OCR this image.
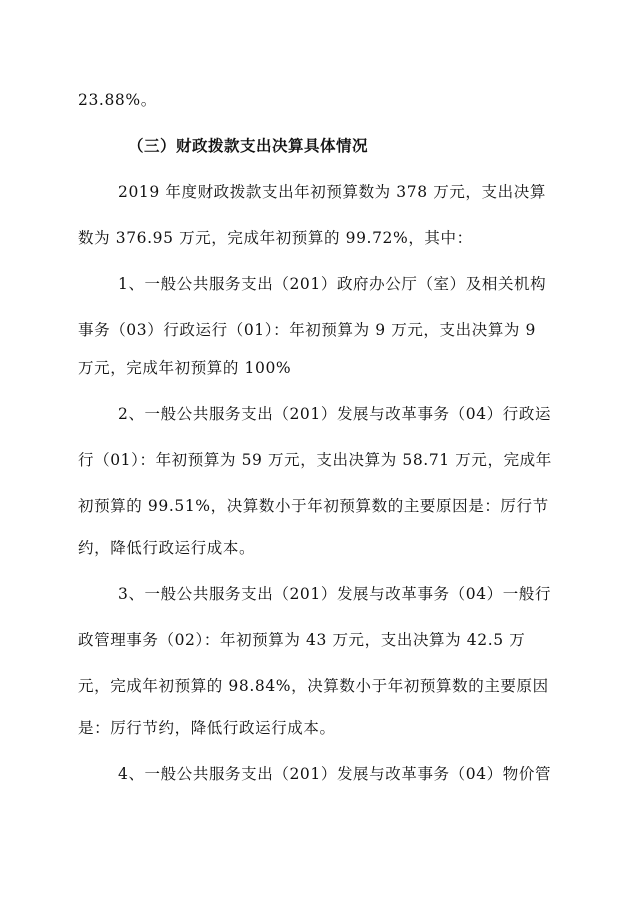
23.88%。
（三）财政拨款支出决算具体情况
2019 年度财政拨款支出年初预算数为 378 万元，支出决算
数为 376.95 万元，完成年初预算的 99.72%，其中：
1、一般公共服务支出（201）政府办公厅（室）及相关机构
事务（03）行政运行（01）：年初预算为 9 万元，支出决算为 9
万元，完成年初预算的 100%
2、一般公共服务支出（201）发展与改革事务（04）行政运
行（01）：年初预算为 59 万元，支出决算为 58.71 万元，完成年
初预算的 99.51%，决算数小于年初预算数的主要原因是：厉行节
约，降低行政运行成本。
3、一般公共服务支出（201）发展与改革事务（04）一般行
政管理事务（02）：年初预算为 43 万元，支出决算为 42.5 万
元，完成年初预算的 98.84%，决算数小于年初预算数的主要原因
是：厉行节约，降低行政运行成本。
4、一般公共服务支出（201）发展与改革事务（04）物价管
